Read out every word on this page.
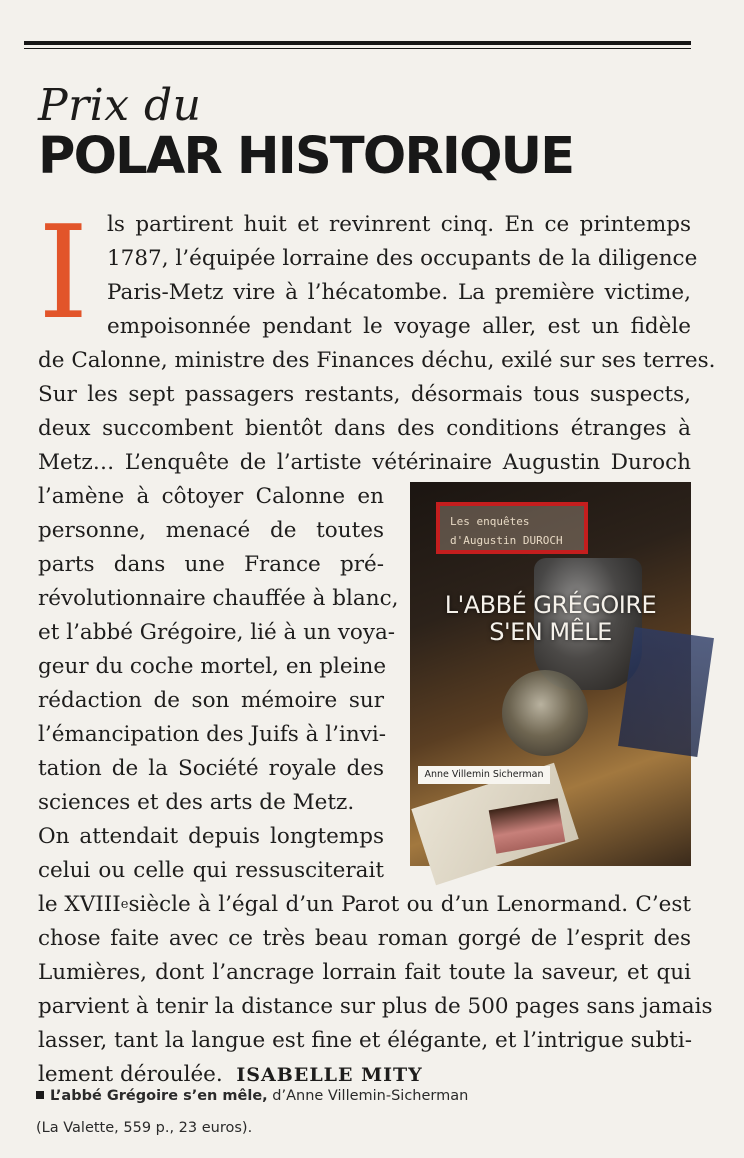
Prix du
POLAR HISTORIQUE
I ls partirent huit et revinrent cinq. En ce printemps
1787, l’équipée lorraine des occupants de la diligence
Paris-Metz vire à l’hécatombe. La première victime,
empoisonnée pendant le voyage aller, est un fidèle
de Calonne, ministre des Finances déchu, exilé sur ses terres.
Sur les sept passagers restants, désormais tous suspects,
deux succombent bientôt dans des conditions étranges à
Metz… L’enquête de l’artiste vétérinaire Augustin Duroch
l’amène à côtoyer Calonne en
personne, menacé de toutes
parts dans une France pré-
révolutionnaire chauffée à blanc,
et l’abbé Grégoire, lié à un voya-
geur du coche mortel, en pleine
rédaction de son mémoire sur
l’émancipation des Juifs à l’invi-
tation de la Société royale des
sciences et des arts de Metz.
On attendait depuis longtemps
celui ou celle qui ressusciterait
le XVIII e siècle à l’égal d’un Parot ou d’un Lenormand. C’est
chose faite avec ce très beau roman gorgé de l’esprit des
Lumières, dont l’ancrage lorrain fait toute la saveur, et qui
parvient à tenir la distance sur plus de 500 pages sans jamais
lasser, tant la langue est fine et élégante, et l’intrigue subti-
lement déroulée. ISABELLE MITY
Les enquêtes
d'Augustin DUROCH
L'ABBÉ GRÉGOIRE
S'EN MÊLE
Anne Villemin Sicherman
L’abbé Grégoire s’en mêle, d’Anne Villemin-Sicherman
(La Valette, 559 p., 23 euros).
